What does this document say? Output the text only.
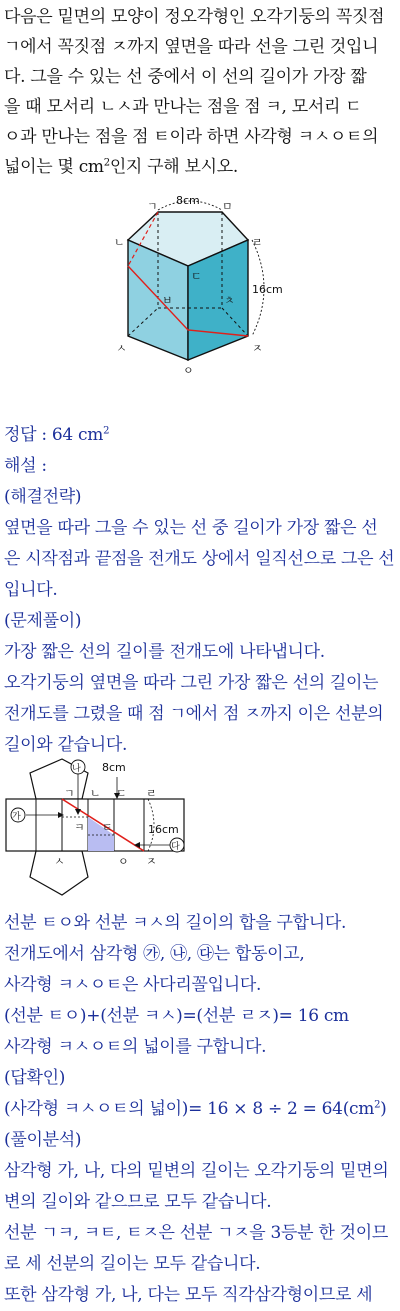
다음은 밑면의 모양이 정오각형인 오각기둥의 꼭짓점

ㄱ에서 꼭짓점 ㅈ까지 옆면을 따라 선을 그린 것입니

다. 그을 수 있는 선 중에서 이 선의 길이가 가장 짧

을 때 모서리 ㄴㅅ과 만나는 점을 점 ㅋ, 모서리 ㄷ

ㅇ과 만나는 점을 점 ㅌ이라 하면 사각형 ㅋㅅㅇㅌ의

넓이는 몇 $cm^2$인지 구해 보시오.

8cm
16cm
ㄱ	ㅁ
ㄴ	ㄹ
ㄷ
ㅂ	ㅊ
ㅅ	ㅈ
ㅇ

정답 : 64 $cm^2$

해설 :

(해결전략)

옆면을 따라 그을 수 있는 선 중 길이가 가장 짧은 선

은 시작점과 끝점을 전개도 상에서 일직선으로 그은 선

입니다.

(문제풀이)

가장 짧은 선의 길이를 전개도에 나타냅니다.

오각기둥의 옆면을 따라 그린 가장 짧은 선의 길이는

전개도를 그렸을 때 점 ㄱ에서 점 ㅈ까지 이은 선분의

길이와 같습니다.

8cm
16cm
가
나
다
ㄱ ㄴ ㄷ ㄹ
ㅋ ㅌ
ㅅ	ㅇ ㅈ

선분 ㅌㅇ와 선분 ㅋㅅ의 길이의 합을 구합니다.

전개도에서 삼각형 ㉮, ㉯, ㉰는 합동이고,

사각형 ㅋㅅㅇㅌ은 사다리꼴입니다.

(선분 ㅌㅇ)+(선분 ㅋㅅ)=(선분 ㄹㅈ)= 16 cm

사각형 ㅋㅅㅇㅌ의 넓이를 구합니다.

(답확인)

(사각형 ㅋㅅㅇㅌ의 넓이)= $16 \times 8 \div 2 = 64(cm^2)$

(풀이분석)

삼각형 가, 나, 다의 밑변의 길이는 오각기둥의 밑면의

변의 길이와 같으므로 모두 같습니다.

선분 ㄱㅋ, ㅋㅌ, ㅌㅈ은 선분 ㄱㅈ을 3등분 한 것이므

로 세 선분의 길이는 모두 같습니다.

또한 삼각형 가, 나, 다는 모두 직각삼각형이므로 세
